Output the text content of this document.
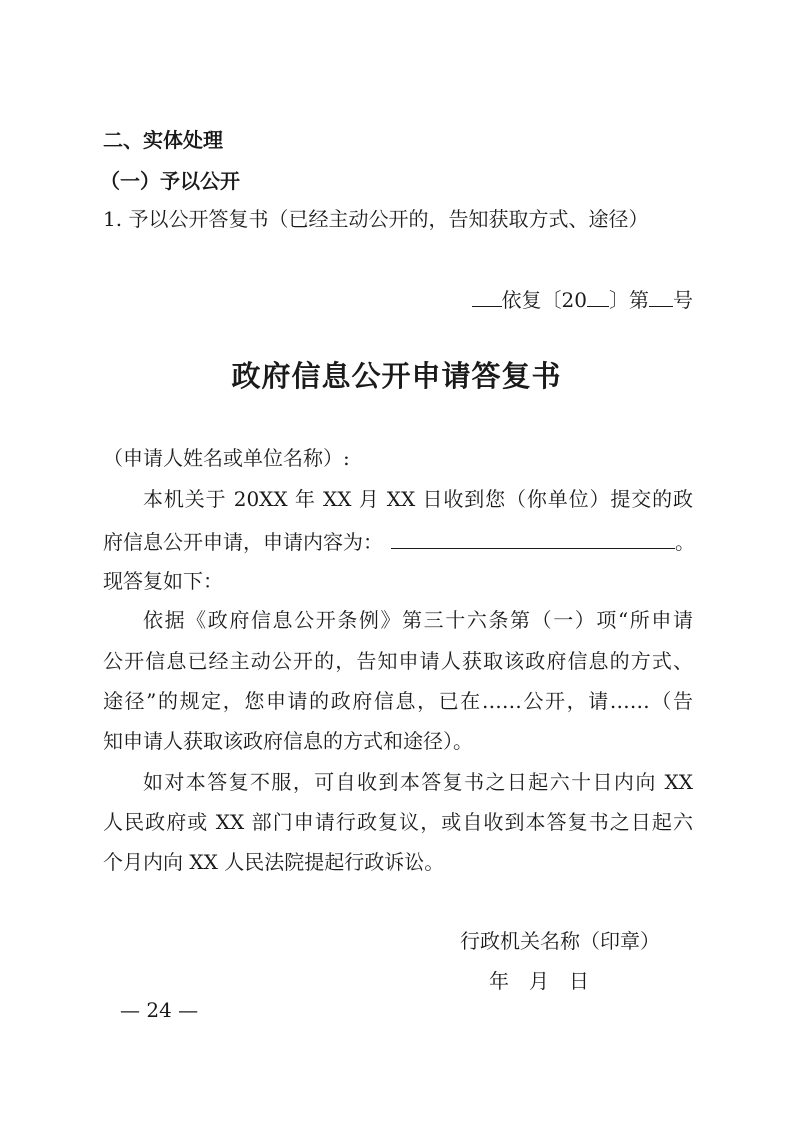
二、实体处理
（一）予以公开
1. 予以公开答复书（已经主动公开的，告知获取方式、途径）
依复〔20 〕第 号
政府信息公开申请答复书
（申请人姓名或单位名称）:
本机关于 20XX 年 XX 月 XX 日收到您（你单位）提交的政
府信息公开申请，申请内容为：	。
现答复如下：
依据《政府信息公开条例》第三十六条第（一）项“所申请
公开信息已经主动公开的，告知申请人获取该政府信息的方式、
途径”的规定，您申请的政府信息，已在……公开，请……（告
知申请人获取该政府信息的方式和途径）。
如对本答复不服，可自收到本答复书之日起六十日内向 XX
人民政府或 XX 部门申请行政复议，或自收到本答复书之日起六
个月内向 XX 人民法院提起行政诉讼。
行政机关名称（印章）
年　月　日
— 24 —
